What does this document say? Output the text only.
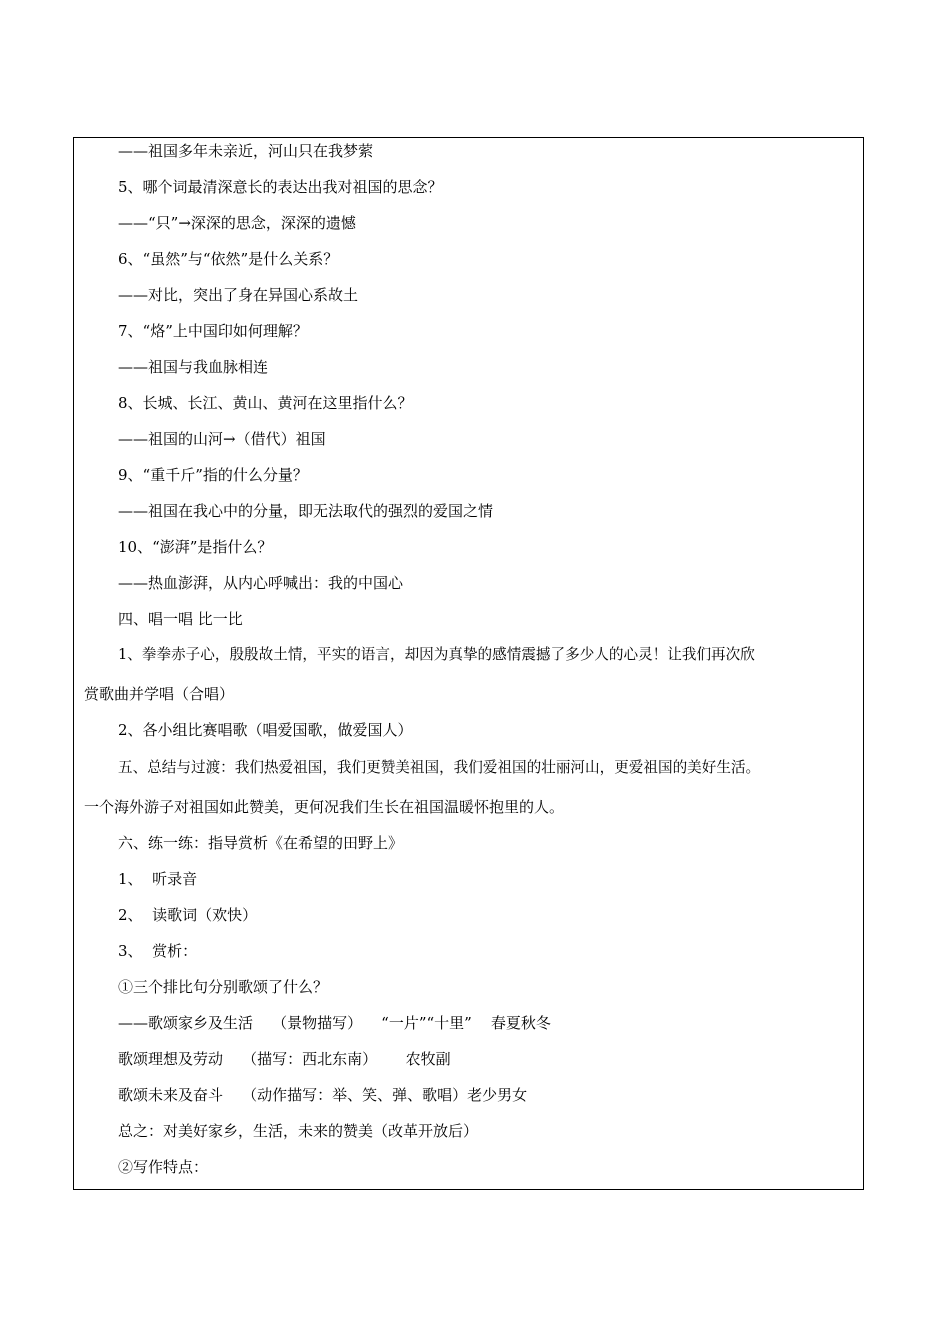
——祖国多年未亲近，河山只在我梦萦
5、哪个词最清深意长的表达出我对祖国的思念？
——“只”→深深的思念，深深的遗憾
6、“虽然”与“依然”是什么关系？
——对比，突出了身在异国心系故土
7、“烙”上中国印如何理解？
——祖国与我血脉相连
8、长城、长江、黄山、黄河在这里指什么？
——祖国的山河→（借代）祖国
9、“重千斤”指的什么分量？
——祖国在我心中的分量，即无法取代的强烈的爱国之情
10、“澎湃”是指什么？
——热血澎湃，从内心呼喊出：我的中国心
四、唱一唱 比一比
1、拳拳赤子心，殷殷故土情，平实的语言，却因为真挚的感情震撼了多少人的心灵！让我们再次欣
赏歌曲并学唱（合唱）
2、各小组比赛唱歌（唱爱国歌，做爱国人）
五、总结与过渡：我们热爱祖国，我们更赞美祖国，我们爱祖国的壮丽河山，更爱祖国的美好生活。
一个海外游子对祖国如此赞美，更何况我们生长在祖国温暖怀抱里的人。
六、练一练：指导赏析《在希望的田野上》
1、  听录音
2、  读歌词（欢快）
3、  赏析：
①三个排比句分别歌颂了什么？
——歌颂家乡及生活    （景物描写）    “一片”“十里”    春夏秋冬
歌颂理想及劳动    （描写：西北东南）      农牧副
歌颂未来及奋斗    （动作描写：举、笑、弹、歌唱）老少男女
总之：对美好家乡，生活，未来的赞美（改革开放后）
②写作特点：
